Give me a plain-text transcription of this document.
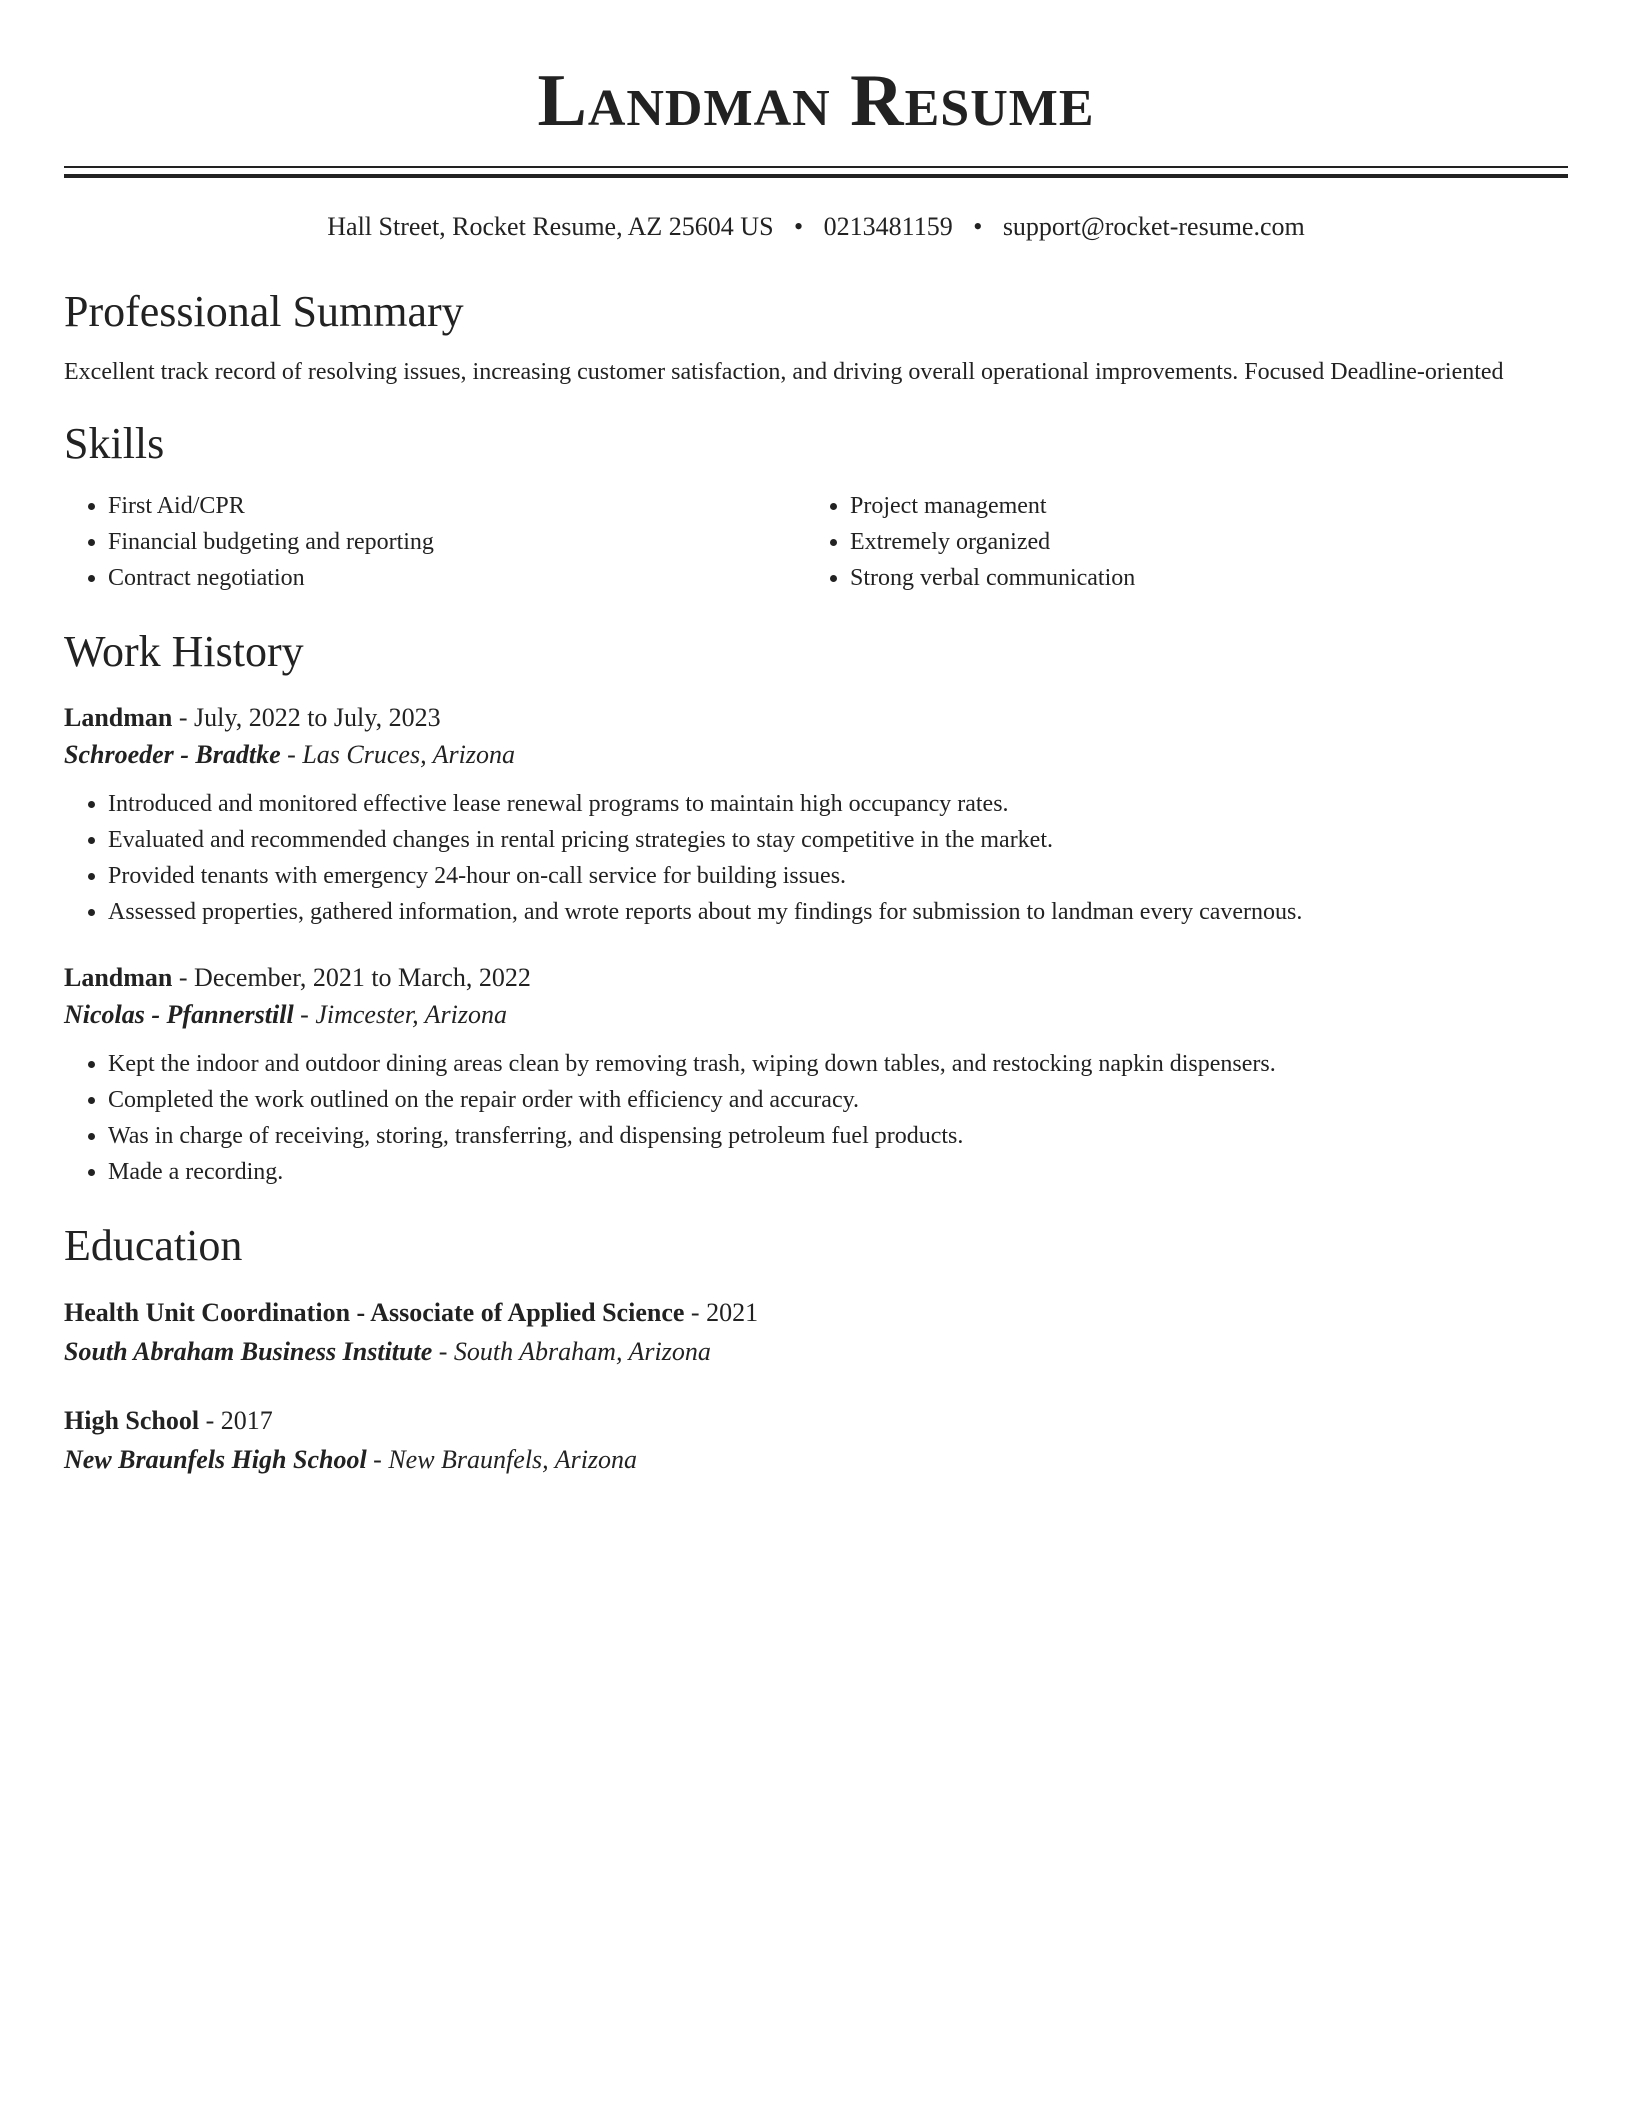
Landman Resume
Hall Street, Rocket Resume, AZ 25604 US • 0213481159 • support@rocket-resume.com
Professional Summary

Excellent track record of resolving issues, increasing customer satisfaction, and driving overall operational improvements. Focused Deadline-oriented

Skills
• First Aid/CPR
• Financial budgeting and reporting
• Contract negotiation
• Project management
• Extremely organized
• Strong verbal communication
Work History
Landman - July, 2022 to July, 2023
Schroeder - Bradtke - Las Cruces, Arizona
• Introduced and monitored effective lease renewal programs to maintain high occupancy rates.
• Evaluated and recommended changes in rental pricing strategies to stay competitive in the market.
• Provided tenants with emergency 24-hour on-call service for building issues.
• Assessed properties, gathered information, and wrote reports about my findings for submission to landman every cavernous.
Landman - December, 2021 to March, 2022
Nicolas - Pfannerstill - Jimcester, Arizona
• Kept the indoor and outdoor dining areas clean by removing trash, wiping down tables, and restocking napkin dispensers.
• Completed the work outlined on the repair order with efficiency and accuracy.
• Was in charge of receiving, storing, transferring, and dispensing petroleum fuel products.
• Made a recording.
Education
Health Unit Coordination - Associate of Applied Science - 2021
South Abraham Business Institute - South Abraham, Arizona
High School - 2017
New Braunfels High School - New Braunfels, Arizona
